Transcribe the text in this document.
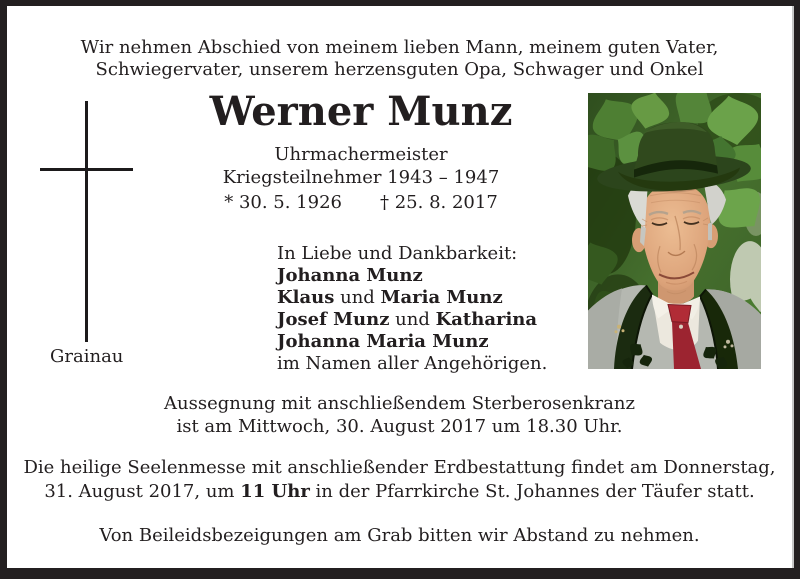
Wir nehmen Abschied von meinem lieben Mann, meinem guten Vater,
Schwiegervater, unserem herzensguten Opa, Schwager und Onkel

Werner Munz

Uhrmachermeister

Kriegsteilnehmer 1943 – 1947

* 30. 5. 1926 † 25. 8. 2017

In Liebe und Dankbarkeit:
Johanna Munz
Klaus und Maria Munz
Josef Munz und Katharina
Johanna Maria Munz
im Namen aller Angehörigen.

Grainau

Aussegnung mit anschließendem Sterberosenkranz
ist am Mittwoch, 30. August 2017 um 18.30 Uhr.

Die heilige Seelenmesse mit anschließender Erdbestattung findet am Donnerstag,
31. August 2017, um 11 Uhr in der Pfarrkirche St. Johannes der Täufer statt.

Von Beileidsbezeigungen am Grab bitten wir Abstand zu nehmen.
